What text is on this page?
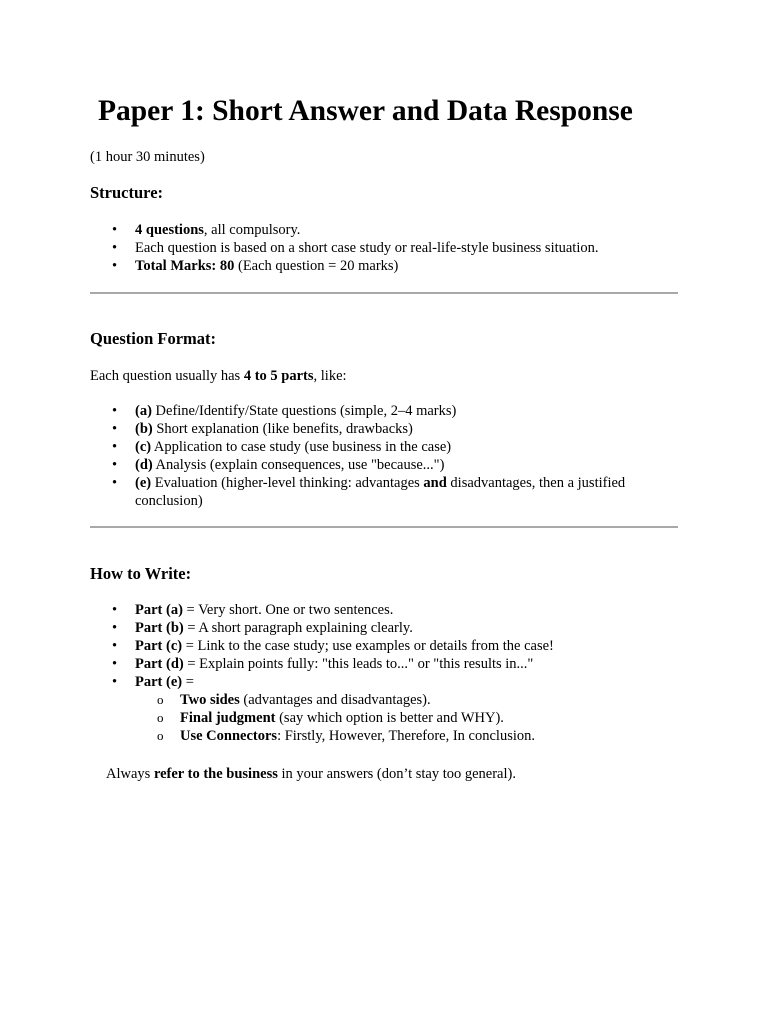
Paper 1: Short Answer and Data Response

(1 hour 30 minutes)

Structure:
• 4 questions, all compulsory.
• Each question is based on a short case study or real-life-style business situation.
• Total Marks: 80 (Each question = 20 marks)
Question Format:

Each question usually has 4 to 5 parts, like:

• (a) Define/Identify/State questions (simple, 2–4 marks)
• (b) Short explanation (like benefits, drawbacks)
• (c) Application to case study (use business in the case)
• (d) Analysis (explain consequences, use "because...")
• (e) Evaluation (higher-level thinking: advantages and disadvantages, then a justified conclusion)
How to Write:
• Part (a) = Very short. One or two sentences.
• Part (b) = A short paragraph explaining clearly.
• Part (c) = Link to the case study; use examples or details from the case!
• Part (d) = Explain points fully: "this leads to..." or "this results in..."
• Part (e) =
o Two sides (advantages and disadvantages).
o Final judgment (say which option is better and WHY).
o Use Connectors: Firstly, However, Therefore, In conclusion.

Always refer to the business in your answers (don’t stay too general).
